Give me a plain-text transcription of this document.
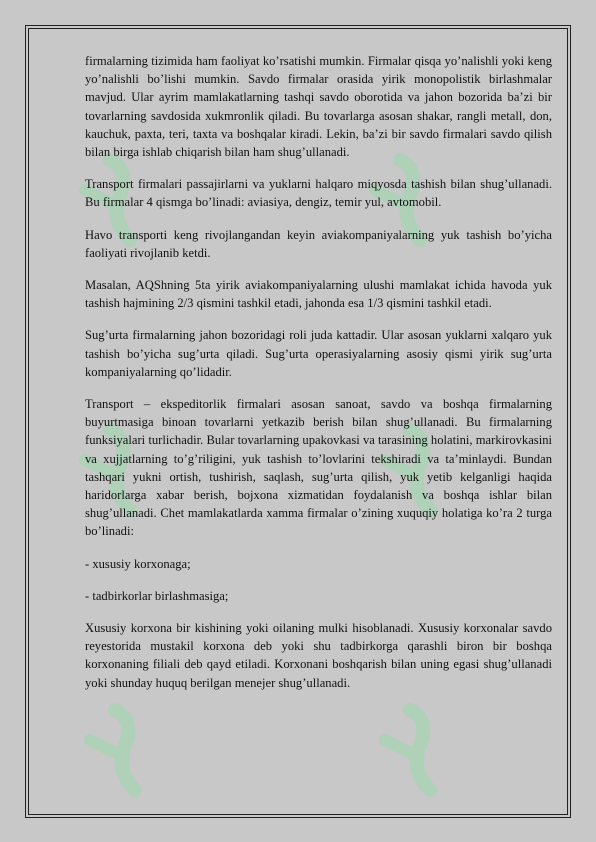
firmalarning tizimida ham faoliyat ko’rsatishi mumkin. Firmalar qisqa yo’nalishli yoki keng yo’nalishli bo’lishi mumkin. Savdo firmalar orasida yirik monopolistik birlashmalar mavjud. Ular ayrim mamlakatlarning tashqi savdo oborotida va jahon bozorida ba’zi bir tovarlarning savdosida xukmronlik qiladi. Bu tovarlarga asosan shakar, rangli metall, don, kauchuk, paxta, teri, taxta va boshqalar kiradi. Lekin, ba’zi bir savdo firmalari savdo qilish bilan birga ishlab chiqarish bilan ham shug’ullanadi.

Transport firmalari passajirlarni va yuklarni halqaro miqyosda tashish bilan shug’ullanadi. Bu firmalar 4 qismga bo’linadi: aviasiya, dengiz, temir yul, avtomobil.

Havo transporti keng rivojlangandan keyin aviakompaniyalarning yuk tashish bo’yicha faoliyati rivojlanib ketdi.

Masalan, AQShning 5ta yirik aviakompaniyalarning ulushi mamlakat ichida havoda yuk tashish hajmining 2/3 qismini tashkil etadi, jahonda esa 1/3 qismini tashkil etadi.

Sug’urta firmalarning jahon bozoridagi roli juda kattadir. Ular asosan yuklarni xalqaro yuk tashish bo’yicha sug’urta qiladi. Sug’urta operasiyalarning asosiy qismi yirik sug’urta kompaniyalarning qo’lidadir.

Transport – ekspeditorlik firmalari asosan sanoat, savdo va boshqa firmalarning buyurtmasiga binoan tovarlarni yetkazib berish bilan shug’ullanadi. Bu firmalarning funksiyalari turlichadir. Bular tovarlarning upakovkasi va tarasining holatini, markirovkasini va xujjatlarning to’g’riligini, yuk tashish to’lovlarini tekshiradi va ta’minlaydi. Bundan tashqari yukni ortish, tushirish, saqlash, sug’urta qilish, yuk yetib kelganligi haqida haridorlarga xabar berish, bojxona xizmatidan foydalanish va boshqa ishlar bilan shug’ullanadi. Chet mamlakatlarda xamma firmalar o’zining xuquqiy holatiga ko’ra 2 turga bo’linadi:

- xususiy korxonaga;

- tadbirkorlar birlashmasiga;

Xususiy korxona bir kishining yoki oilaning mulki hisoblanadi. Xususiy korxonalar savdo reyestorida mustakil korxona deb yoki shu tadbirkorga qarashli biron bir boshqa korxonaning filiali deb qayd etiladi. Korxonani boshqarish bilan uning egasi shug’ullanadi yoki shunday huquq berilgan menejer shug’ullanadi.
